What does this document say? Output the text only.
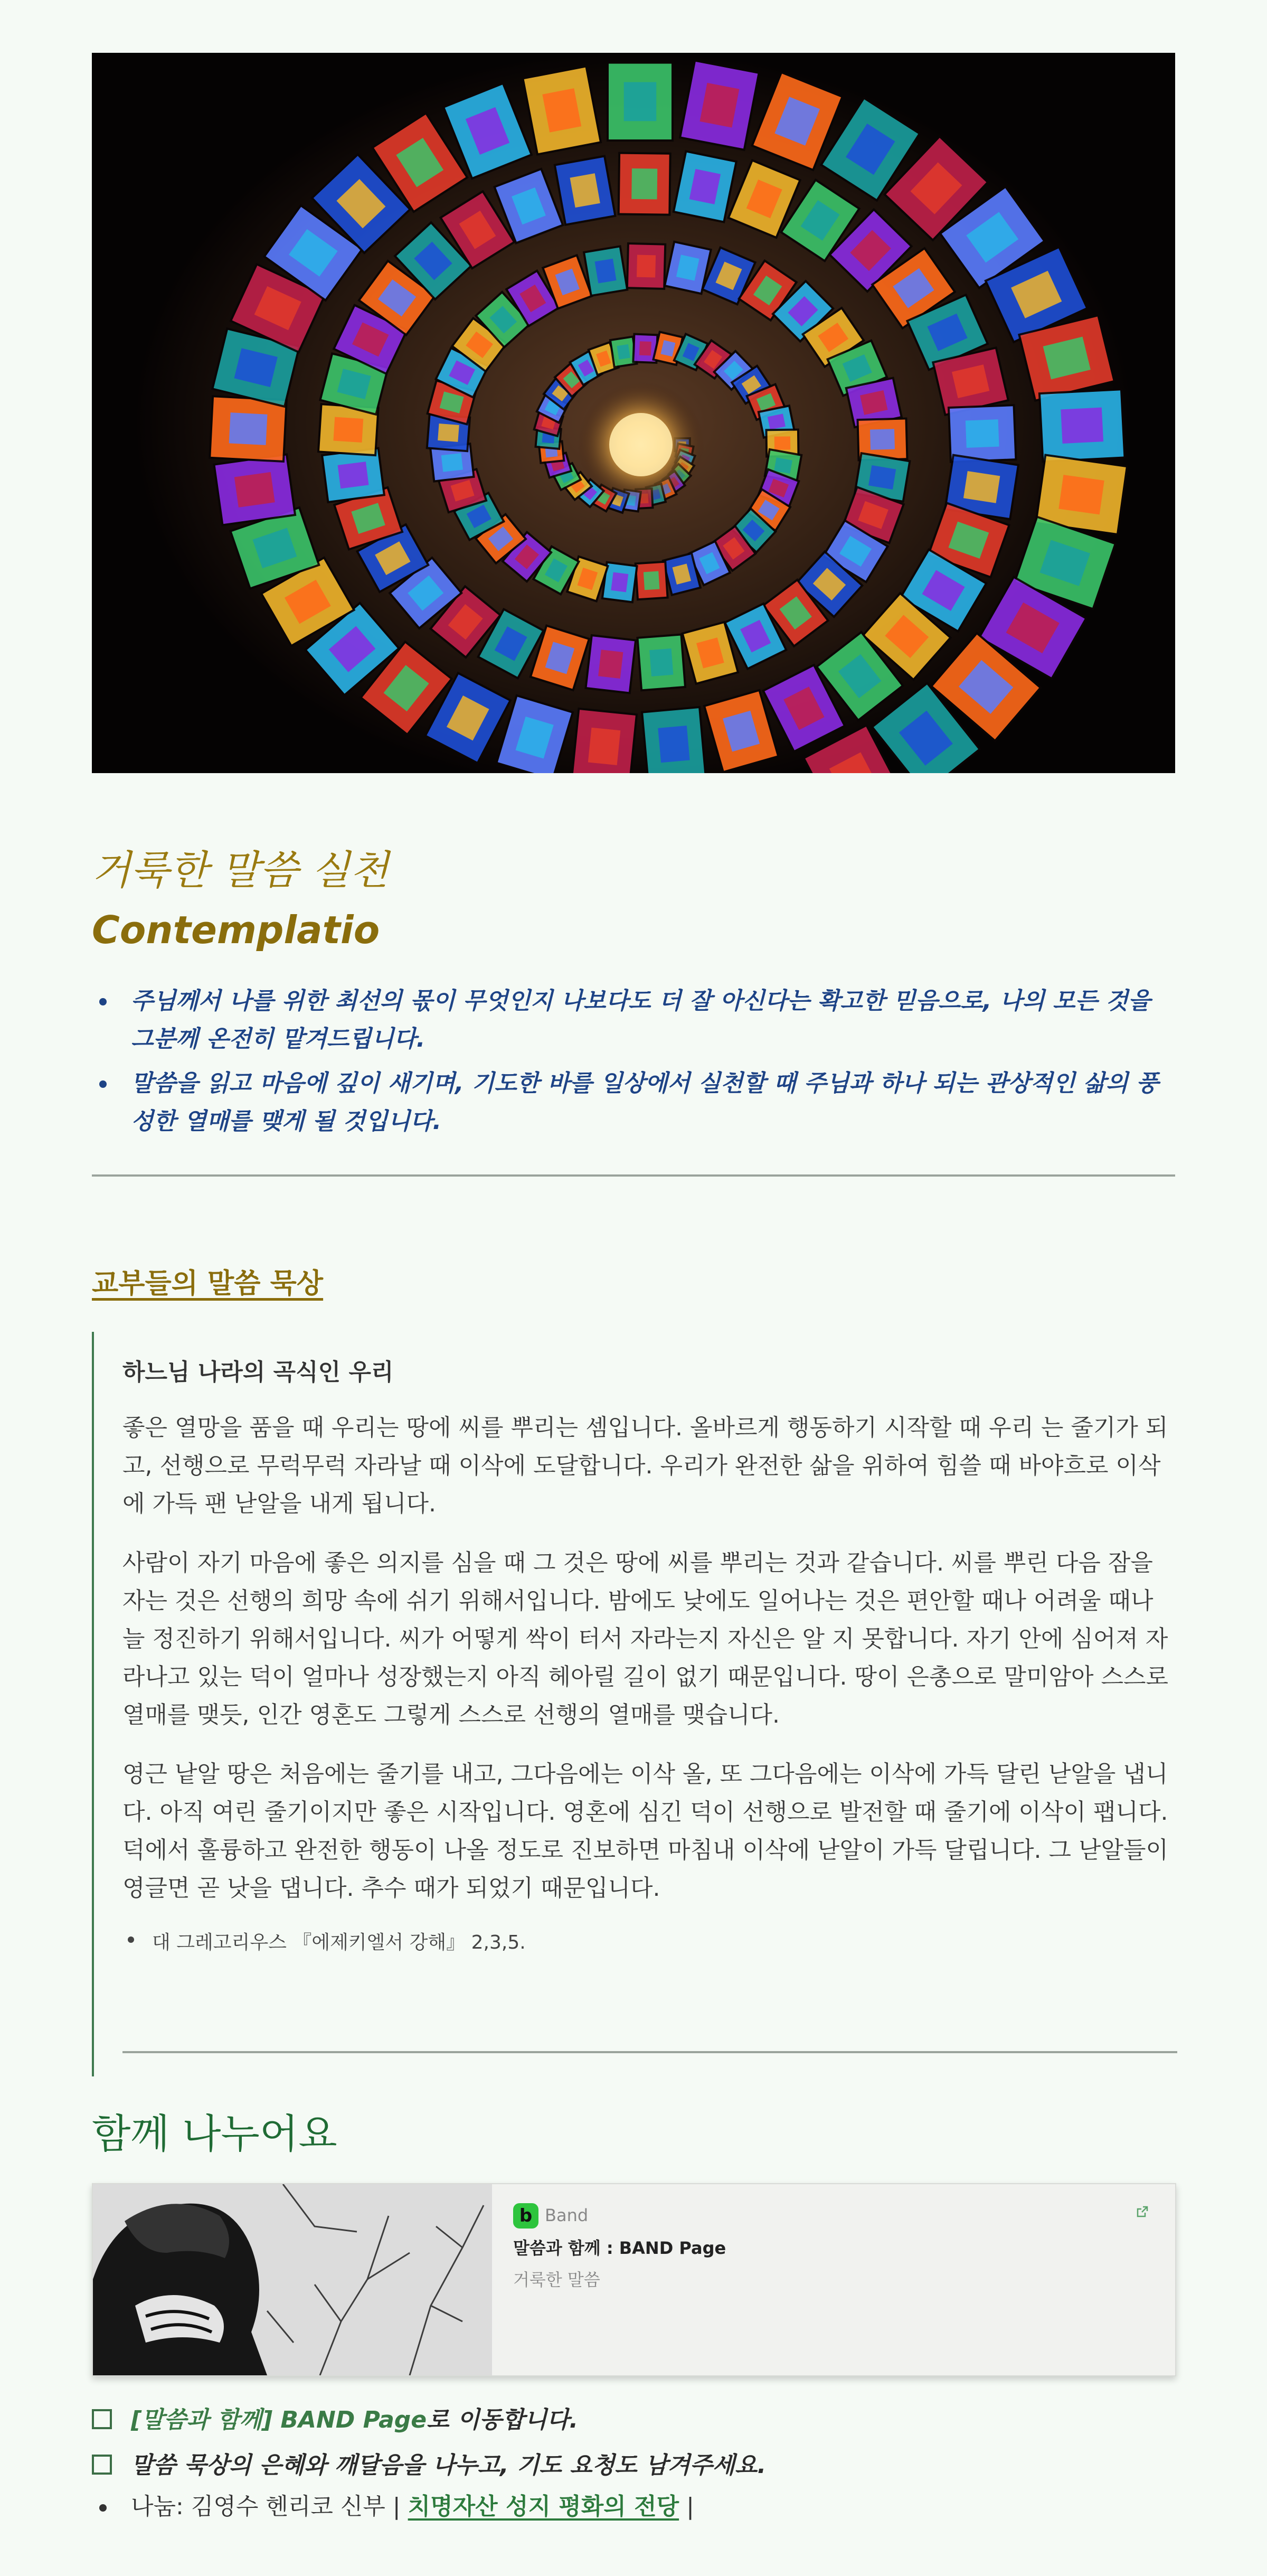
거룩한 말씀 실천
Contemplatio
주님께서 나를 위한 최선의 몫이 무엇인지 나보다도 더 잘 아신다는 확고한 믿음으로, 나의 모든 것을 그분께 온전히 맡겨드립니다.
말씀을 읽고 마음에 깊이 새기며, 기도한 바를 일상에서 실천할 때 주님과 하나 되는 관상적인 삶의 풍성한 열매를 맺게 될 것입니다.
교부들의 말씀 묵상
하느님 나라의 곡식인 우리

좋은 열망을 품을 때 우리는 땅에 씨를 뿌리는 셈입니다. 올바르게 행동하기 시작할 때 우리 는 줄기가 되고, 선행으로 무럭무럭 자라날 때 이삭에 도달합니다. 우리가 완전한 삶을 위하여 힘쓸 때 바야흐로 이삭에 가득 팬 낟알을 내게 됩니다.

사람이 자기 마음에 좋은 의지를 심을 때 그 것은 땅에 씨를 뿌리는 것과 같습니다. 씨를 뿌린 다음 잠을 자는 것은 선행의 희망 속에 쉬기 위해서입니다. 밤에도 낮에도 일어나는 것은 편안할 때나 어려울 때나 늘 정진하기 위해서입니다. 씨가 어떻게 싹이 터서 자라는지 자신은 알 지 못합니다. 자기 안에 심어져 자라나고 있는 덕이 얼마나 성장했는지 아직 헤아릴 길이 없기 때문입니다. 땅이 은총으로 말미암아 스스로 열매를 맺듯, 인간 영혼도 그렇게 스스로 선행의 열매를 맺습니다.

영근 낱알 땅은 처음에는 줄기를 내고, 그다음에는 이삭 올, 또 그다음에는 이삭에 가득 달린 낟알을 냅니다. 아직 여린 줄기이지만 좋은 시작입니다. 영혼에 심긴 덕이 선행으로 발전할 때 줄기에 이삭이 팹니다. 덕에서 훌륭하고 완전한 행동이 나올 정도로 진보하면 마침내 이삭에 낟알이 가득 달립니다. 그 낟알들이 영글면 곧 낫을 댑니다. 추수 때가 되었기 때문입니다.

대 그레고리우스 『에제키엘서 강해』 2,3,5.
함께 나누어요
b Band
말씀과 함께 : BAND Page
거룩한 말씀
[말씀과 함께] BAND Page로 이동합니다.
말씀 묵상의 은혜와 깨달음을 나누고, 기도 요청도 남겨주세요.
나눔: 김영수 헨리코 신부 | 치명자산 성지 평화의 전당 |
